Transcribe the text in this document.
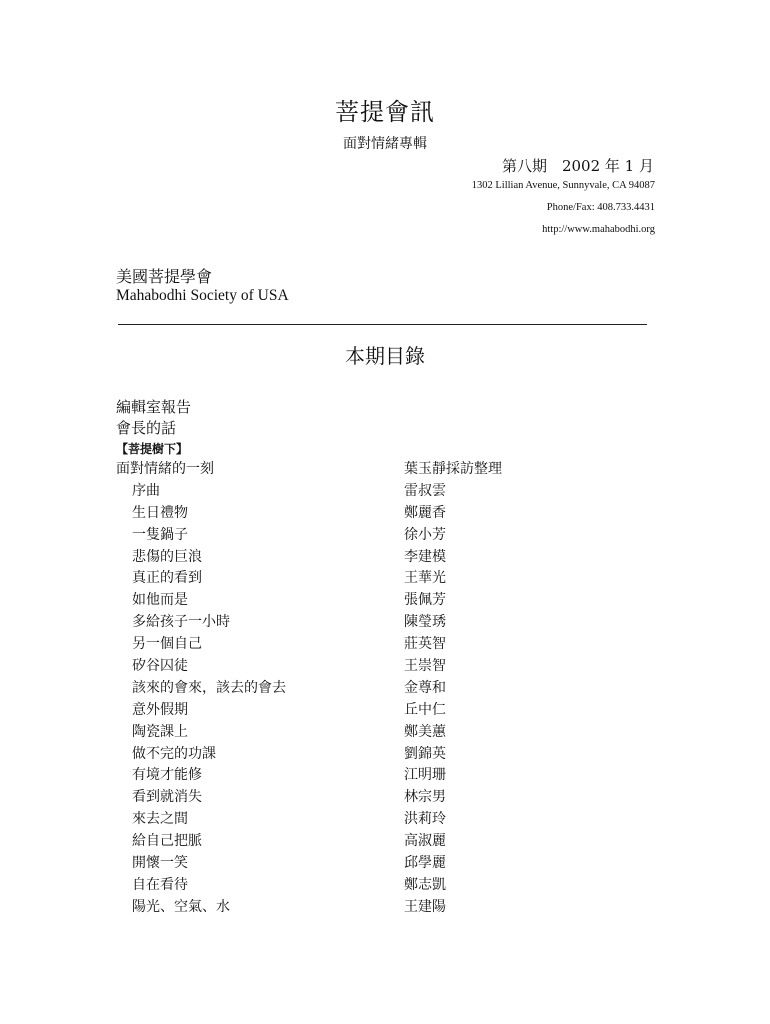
菩提會訊
面對情緒專輯
第八期　2002 年 1 月
1302 Lillian Avenue, Sunnyvale, CA 94087
Phone/Fax: 408.733.4431
http://www.mahabodhi.org
美國菩提學會
Mahabodhi Society of USA
本期目錄
編輯室報告
會長的話
【菩提樹下】
面對情緒的一刻	葉玉靜採訪整理
序曲	雷叔雲
生日禮物	鄭麗香
一隻鍋子	徐小芳
悲傷的巨浪	李建模
真正的看到	王華光
如他而是	張佩芳
多給孩子一小時	陳瑩琇
另一個自己	莊英智
矽谷囚徒	王崇智
該來的會來，該去的會去	金尊和
意外假期	丘中仁
陶瓷課上	鄭美蕙
做不完的功課	劉錦英
有境才能修	江明珊
看到就消失	林宗男
來去之間	洪莉玲
給自己把脈	高淑麗
開懷一笑	邱學麗
自在看待	鄭志凱
陽光、空氣、水	王建陽
